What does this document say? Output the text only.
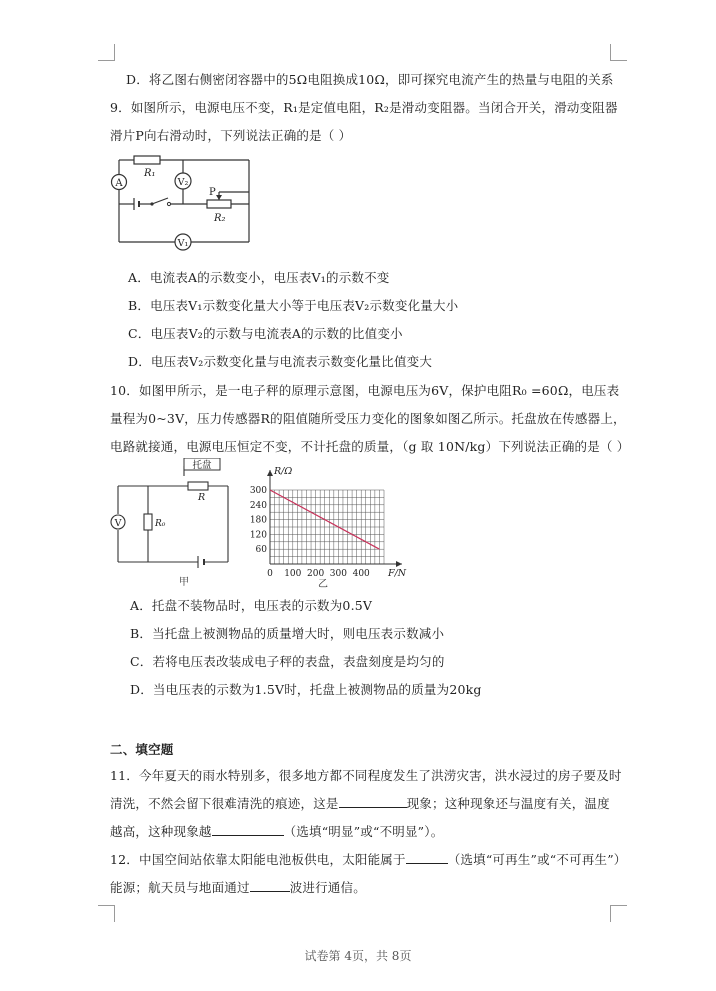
D．将乙图右侧密闭容器中的5Ω电阻换成10Ω，即可探究电流产生的热量与电阻的关系
9．如图所示，电源电压不变，R₁是定值电阻，R₂是滑动变阻器。当闭合开关，滑动变阻器
滑片P向右滑动时，下列说法正确的是（ ）
A
R₁
V₂
P
R₂
V₁
A．电流表A的示数变小，电压表V₁的示数不变
B．电压表V₁示数变化量大小等于电压表V₂示数变化量大小
C．电压表V₂的示数与电流表A的示数的比值变小
D．电压表V₂示数变化量与电流表示数变化量比值变大
10．如图甲所示，是一电子秤的原理示意图，电源电压为6V，保护电阻R₀ =60Ω，电压表
量程为0~3V，压力传感器R的阻值随所受压力变化的图象如图乙所示。托盘放在传感器上，
电路就接通，电源电压恒定不变，不计托盘的质量，（g 取 10N/kg）下列说法正确的是（ ）
托盘
R
V	R₀
甲
0 100 200 300 400
60
120
180
240
300
R/Ω
F/N
乙
A．托盘不装物品时，电压表的示数为0.5V
B．当托盘上被测物品的质量增大时，则电压表示数减小
C．若将电压表改装成电子秤的表盘，表盘刻度是均匀的
D．当电压表的示数为1.5V时，托盘上被测物品的质量为20kg
二、填空题
11．今年夏天的雨水特别多，很多地方都不同程度发生了洪涝灾害，洪水浸过的房子要及时
清洗，不然会留下很难清洗的痕迹，这是	现象；这种现象还与温度有关，温度
越高，这种现象越	（选填“明显”或“不明显”）。
12．中国空间站依靠太阳能电池板供电，太阳能属于	（选填“可再生”或“不可再生”）
能源；航天员与地面通过	波进行通信。
试卷第 4页，共 8页
